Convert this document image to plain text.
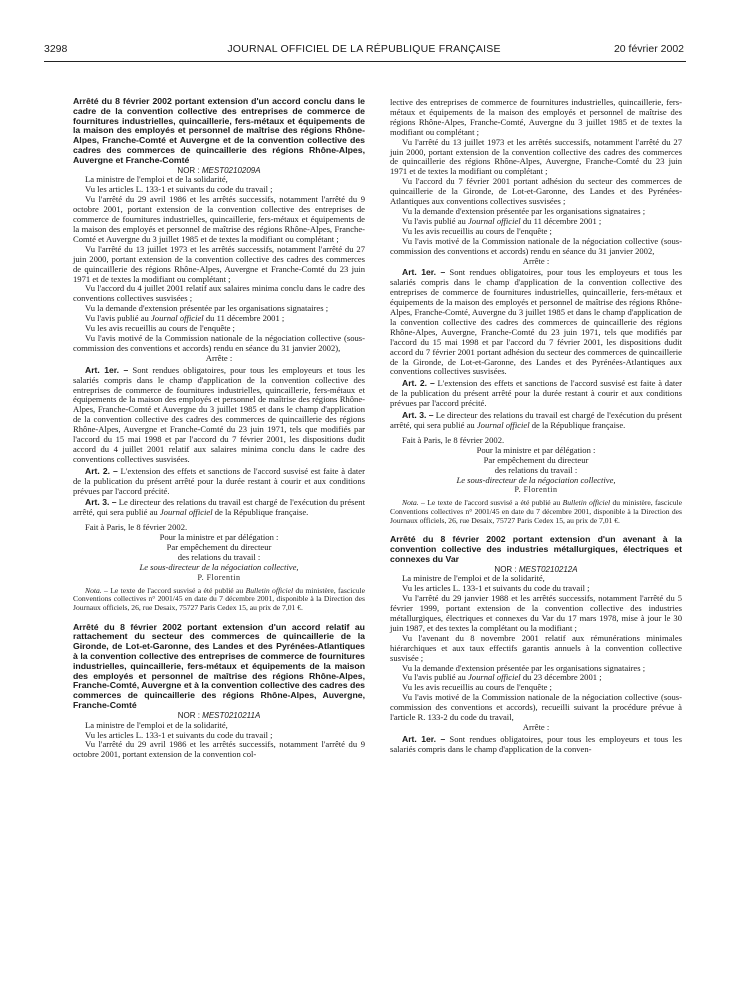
3298	JOURNAL OFFICIEL DE LA RÉPUBLIQUE FRANÇAISE	20 février 2002

Arrêté du 8 février 2002 portant extension d'un accord conclu dans le cadre de la convention collective des entreprises de commerce de fournitures industrielles, quincaillerie, fers-métaux et équipements de la maison des employés et personnel de maîtrise des régions Rhône-Alpes, Franche-Comté et Auvergne et de la convention collective des cadres des commerces de quincaillerie des régions Rhône-Alpes, Auvergne et Franche-Comté

NOR : MEST0210209A

La ministre de l'emploi et de la solidarité,

Vu les articles L. 133-1 et suivants du code du travail ;

Vu l'arrêté du 29 avril 1986 et les arrêtés successifs, notamment l'arrêté du 9 octobre 2001, portant extension de la convention collective des entreprises de commerce de fournitures industrielles, quincaillerie, fers-métaux et équipements de la maison des employés et personnel de maîtrise des régions Rhône-Alpes, Franche-Comté et Auvergne du 3 juillet 1985 et de textes la modifiant ou complétant ;

Vu l'arrêté du 13 juillet 1973 et les arrêtés successifs, notamment l'arrêté du 27 juin 2000, portant extension de la convention collective des cadres des commerces de quincaillerie des régions Rhône-Alpes, Auvergne et Franche-Comté du 23 juin 1971 et de textes la modifiant ou complétant ;

Vu l'accord du 4 juillet 2001 relatif aux salaires minima conclu dans le cadre des conventions collectives susvisées ;

Vu la demande d'extension présentée par les organisations signataires ;

Vu l'avis publié au Journal officiel du 11 décembre 2001 ;

Vu les avis recueillis au cours de l'enquête ;

Vu l'avis motivé de la Commission nationale de la négociation collective (sous-commission des conventions et accords) rendu en séance du 31 janvier 2002),

Arrête :

Art. 1er. – Sont rendues obligatoires, pour tous les employeurs et tous les salariés compris dans le champ d'application de la convention collective des entreprises de commerce de fournitures industrielles, quincaillerie, fers-métaux et équipements de la maison des employés et personnel de maîtrise des régions Rhône-Alpes, Franche-Comté et Auvergne du 3 juillet 1985 et dans le champ d'application de la convention collective des cadres des commerces de quincaillerie des régions Rhône-Alpes, Auvergne et Franche-Comté du 23 juin 1971, tels que modifiés par l'accord du 15 mai 1998 et par l'accord du 7 février 2001, les dispositions dudit accord du 4 juillet 2001 relatif aux salaires minima conclu dans le cadre des conventions collectives susvisées.

Art. 2. – L'extension des effets et sanctions de l'accord susvisé est faite à dater de la publication du présent arrêté pour la durée restant à courir et aux conditions prévues par l'accord précité.

Art. 3. – Le directeur des relations du travail est chargé de l'exécution du présent arrêté, qui sera publié au Journal officiel de la République française.

Fait à Paris, le 8 février 2002.

Pour la ministre et par délégation :

Par empêchement du directeur

des relations du travail :

Le sous-directeur de la négociation collective,

P. Florentin

Nota. – Le texte de l'accord susvisé a été publié au Bulletin officiel du ministère, fascicule Conventions collectives n° 2001/45 en date du 7 décembre 2001, disponible à la Direction des Journaux officiels, 26, rue Desaix, 75727 Paris Cedex 15, au prix de 7,01 €.

Arrêté du 8 février 2002 portant extension d'un accord relatif au rattachement du secteur des commerces de quincaillerie de la Gironde, de Lot-et-Garonne, des Landes et des Pyrénées-Atlantiques à la convention collective des entreprises de commerce de fournitures industrielles, quincaillerie, fers-métaux et équipements de la maison des employés et personnel de maîtrise des régions Rhône-Alpes, Franche-Comté, Auvergne et à la convention collective des cadres des commerces de quincaillerie des régions Rhône-Alpes, Auvergne, Franche-Comté

NOR : MEST0210211A

La ministre de l'emploi et de la solidarité,

Vu les articles L. 133-1 et suivants du code du travail ;

Vu l'arrêté du 29 avril 1986 et les arrêtés successifs, notamment l'arrêté du 9 octobre 2001, portant extension de la convention col-

lective des entreprises de commerce de fournitures industrielles, quincaillerie, fers-métaux et équipements de la maison des employés et personnel de maîtrise des régions Rhône-Alpes, Franche-Comté, Auvergne du 3 juillet 1985 et de textes la modifiant ou complétant ;

Vu l'arrêté du 13 juillet 1973 et les arrêtés successifs, notamment l'arrêté du 27 juin 2000, portant extension de la convention collective des cadres des commerces de quincaillerie des régions Rhône-Alpes, Auvergne, Franche-Comté du 23 juin 1971 et de textes la modifiant ou complétant ;

Vu l'accord du 7 février 2001 portant adhésion du secteur des commerces de quincaillerie de la Gironde, de Lot-et-Garonne, des Landes et des Pyrénées-Atlantiques aux conventions collectives susvisées ;

Vu la demande d'extension présentée par les organisations signataires ;

Vu l'avis publié au Journal officiel du 11 décembre 2001 ;

Vu les avis recueillis au cours de l'enquête ;

Vu l'avis motivé de la Commission nationale de la négociation collective (sous-commission des conventions et accords) rendu en séance du 31 janvier 2002,

Arrête :

Art. 1er. – Sont rendues obligatoires, pour tous les employeurs et tous les salariés compris dans le champ d'application de la convention collective des entreprises de commerce de fournitures industrielles, quincaillerie, fers-métaux et équipements de la maison des employés et personnel de maîtrise des régions Rhône-Alpes, Franche-Comté, Auvergne du 3 juillet 1985 et dans le champ d'application de la convention collective des cadres des commerces de quincaillerie des régions Rhône-Alpes, Auvergne, Franche-Comté du 23 juin 1971, tels que modifiés par l'accord du 15 mai 1998 et par l'accord du 7 février 2001, les dispositions dudit accord du 7 février 2001 portant adhésion du secteur des commerces de quincaillerie de la Gironde, de Lot-et-Garonne, des Landes et des Pyrénées-Atlantiques aux conventions collectives susvisées.

Art. 2. – L'extension des effets et sanctions de l'accord susvisé est faite à dater de la publication du présent arrêté pour la durée restant à courir et aux conditions prévues par l'accord précité.

Art. 3. – Le directeur des relations du travail est chargé de l'exécution du présent arrêté, qui sera publié au Journal officiel de la République française.

Fait à Paris, le 8 février 2002.

Pour la ministre et par délégation :

Par empêchement du directeur

des relations du travail :

Le sous-directeur de la négociation collective,

P. Florentin

Nota. – Le texte de l'accord susvisé a été publié au Bulletin officiel du ministère, fascicule Conventions collectives n° 2001/45 en date du 7 décembre 2001, disponible à la Direction des Journaux officiels, 26, rue Desaix, 75727 Paris Cedex 15, au prix de 7,01 €.

Arrêté du 8 février 2002 portant extension d'un avenant à la convention collective des industries métallurgiques, électriques et connexes du Var

NOR : MEST0210212A

La ministre de l'emploi et de la solidarité,

Vu les articles L. 133-1 et suivants du code du travail ;

Vu l'arrêté du 29 janvier 1988 et les arrêtés successifs, notamment l'arrêté du 5 février 1999, portant extension de la convention collective des industries métallurgiques, électriques et connexes du Var du 17 mars 1978, mise à jour le 30 juin 1987, et des textes la complétant ou la modifiant ;

Vu l'avenant du 8 novembre 2001 relatif aux rémunérations minimales hiérarchiques et aux taux effectifs garantis annuels à la convention collective susvisée ;

Vu la demande d'extension présentée par les organisations signataires ;

Vu l'avis publié au Journal officiel du 23 décembre 2001 ;

Vu les avis recueillis au cours de l'enquête ;

Vu l'avis motivé de la Commission nationale de la négociation collective (sous-commission des conventions et accords), recueilli suivant la procédure prévue à l'article R. 133-2 du code du travail,

Arrête :

Art. 1er. – Sont rendues obligatoires, pour tous les employeurs et tous les salariés compris dans le champ d'application de la conven-
